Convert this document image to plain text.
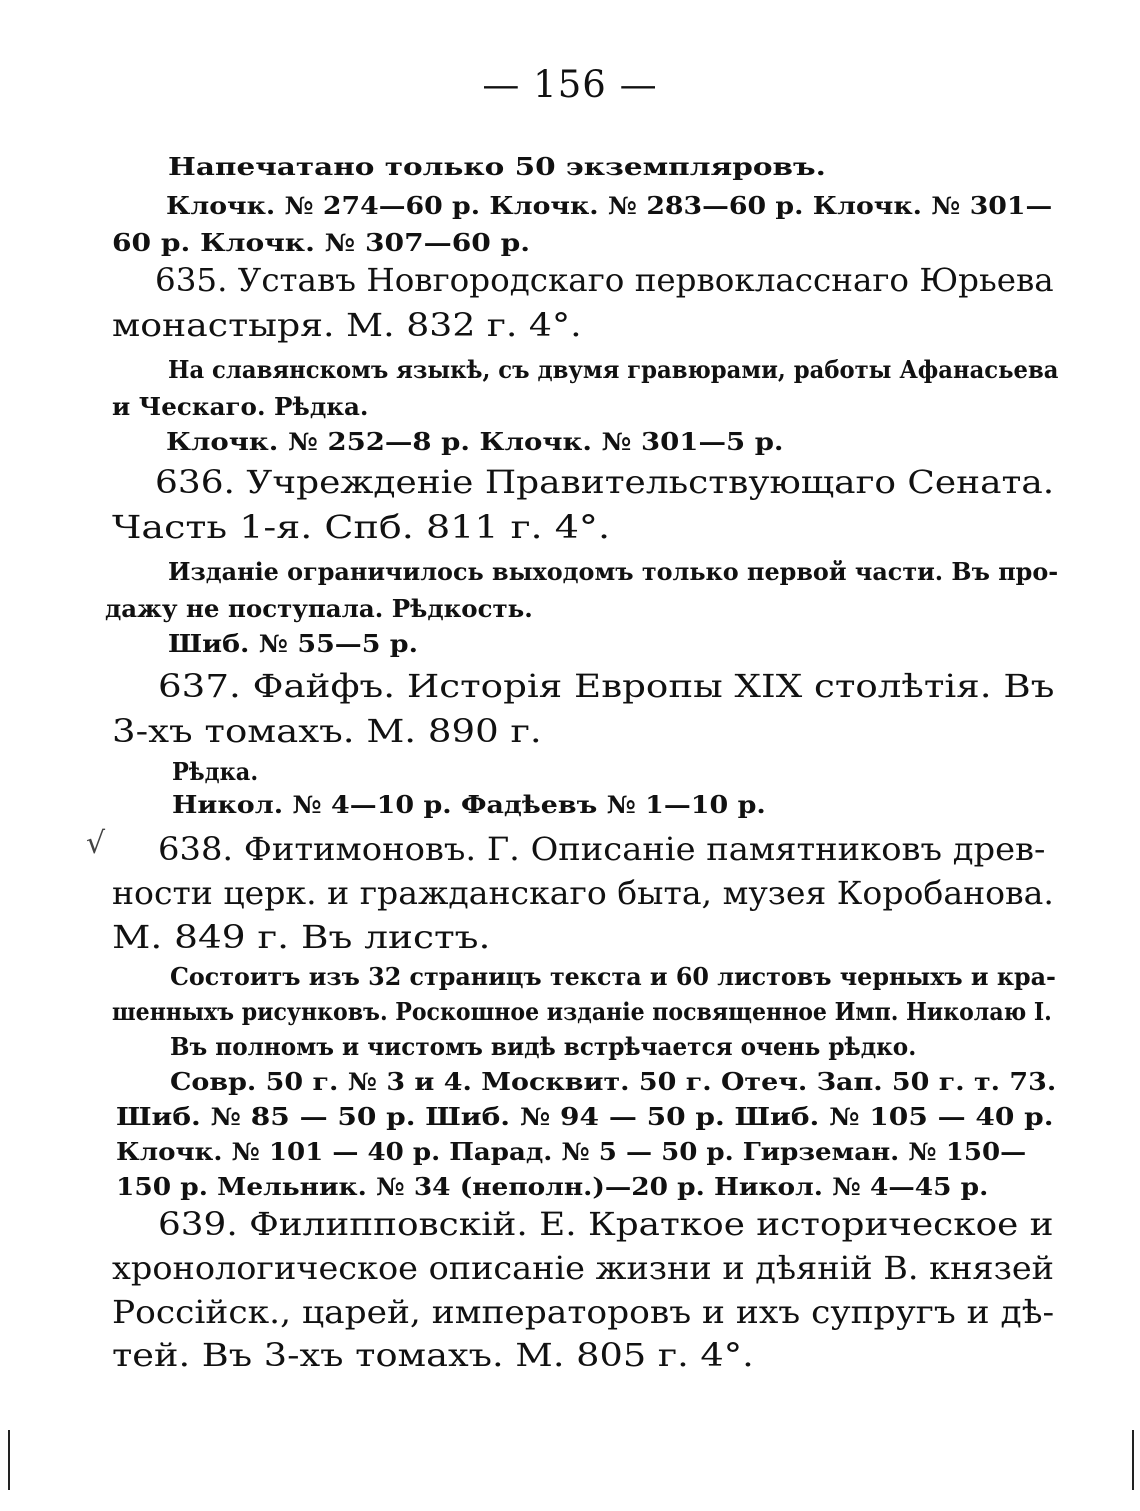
— 156 —
√
Напечатано только 50 экземпляровъ.
Клочк. № 274—60 р. Клочк. № 283—60 р. Клочк. № 301—
60 р. Клочк. № 307—60 р.
635. Уставъ Новгородскаго первокласснаго Юрьева
монастыря. М. 832 г. 4°.
На славянскомъ языкѣ, съ двумя гравюрами, работы Афанасьева
и Ческаго. Рѣдка.
Клочк. № 252—8 р. Клочк. № 301—5 р.
636. Учрежденіе Правительствующаго Сената.
Часть 1-я. Спб. 811 г. 4°.
Изданіе ограничилось выходомъ только первой части. Въ про-
дажу не поступала. Рѣдкость.
Шиб. № 55—5 р.
637. Файфъ. Исторія Европы XIX столѣтія. Въ
3-хъ томахъ. М. 890 г.
Рѣдка.
Никол. № 4—10 р. Фадѣевъ № 1—10 р.
638. Фитимоновъ. Г. Описаніе памятниковъ древ-
ности церк. и гражданскаго быта, музея Коробанова.
М. 849 г. Въ листъ.
Состоитъ изъ 32 страницъ текста и 60 листовъ черныхъ и кра-
шенныхъ рисунковъ. Роскошное изданіе посвященное Имп. Николаю I.
Въ полномъ и чистомъ видѣ встрѣчается очень рѣдко.
Совр. 50 г. № 3 и 4. Москвит. 50 г. Отеч. Зап. 50 г. т. 73.
Шиб. № 85 — 50 р. Шиб. № 94 — 50 р. Шиб. № 105 — 40 р.
Клочк. № 101 — 40 р. Парад. № 5 — 50 р. Гирземан. № 150—
150 р. Мельник. № 34 (неполн.)—20 р. Никол. № 4—45 р.
639. Филипповскій. Е. Краткое историческое и
хронологическое описаніе жизни и дѣяній В. князей
Россійск., царей, императоровъ и ихъ супругъ и дѣ-
тей. Въ 3-хъ томахъ. М. 805 г. 4°.
